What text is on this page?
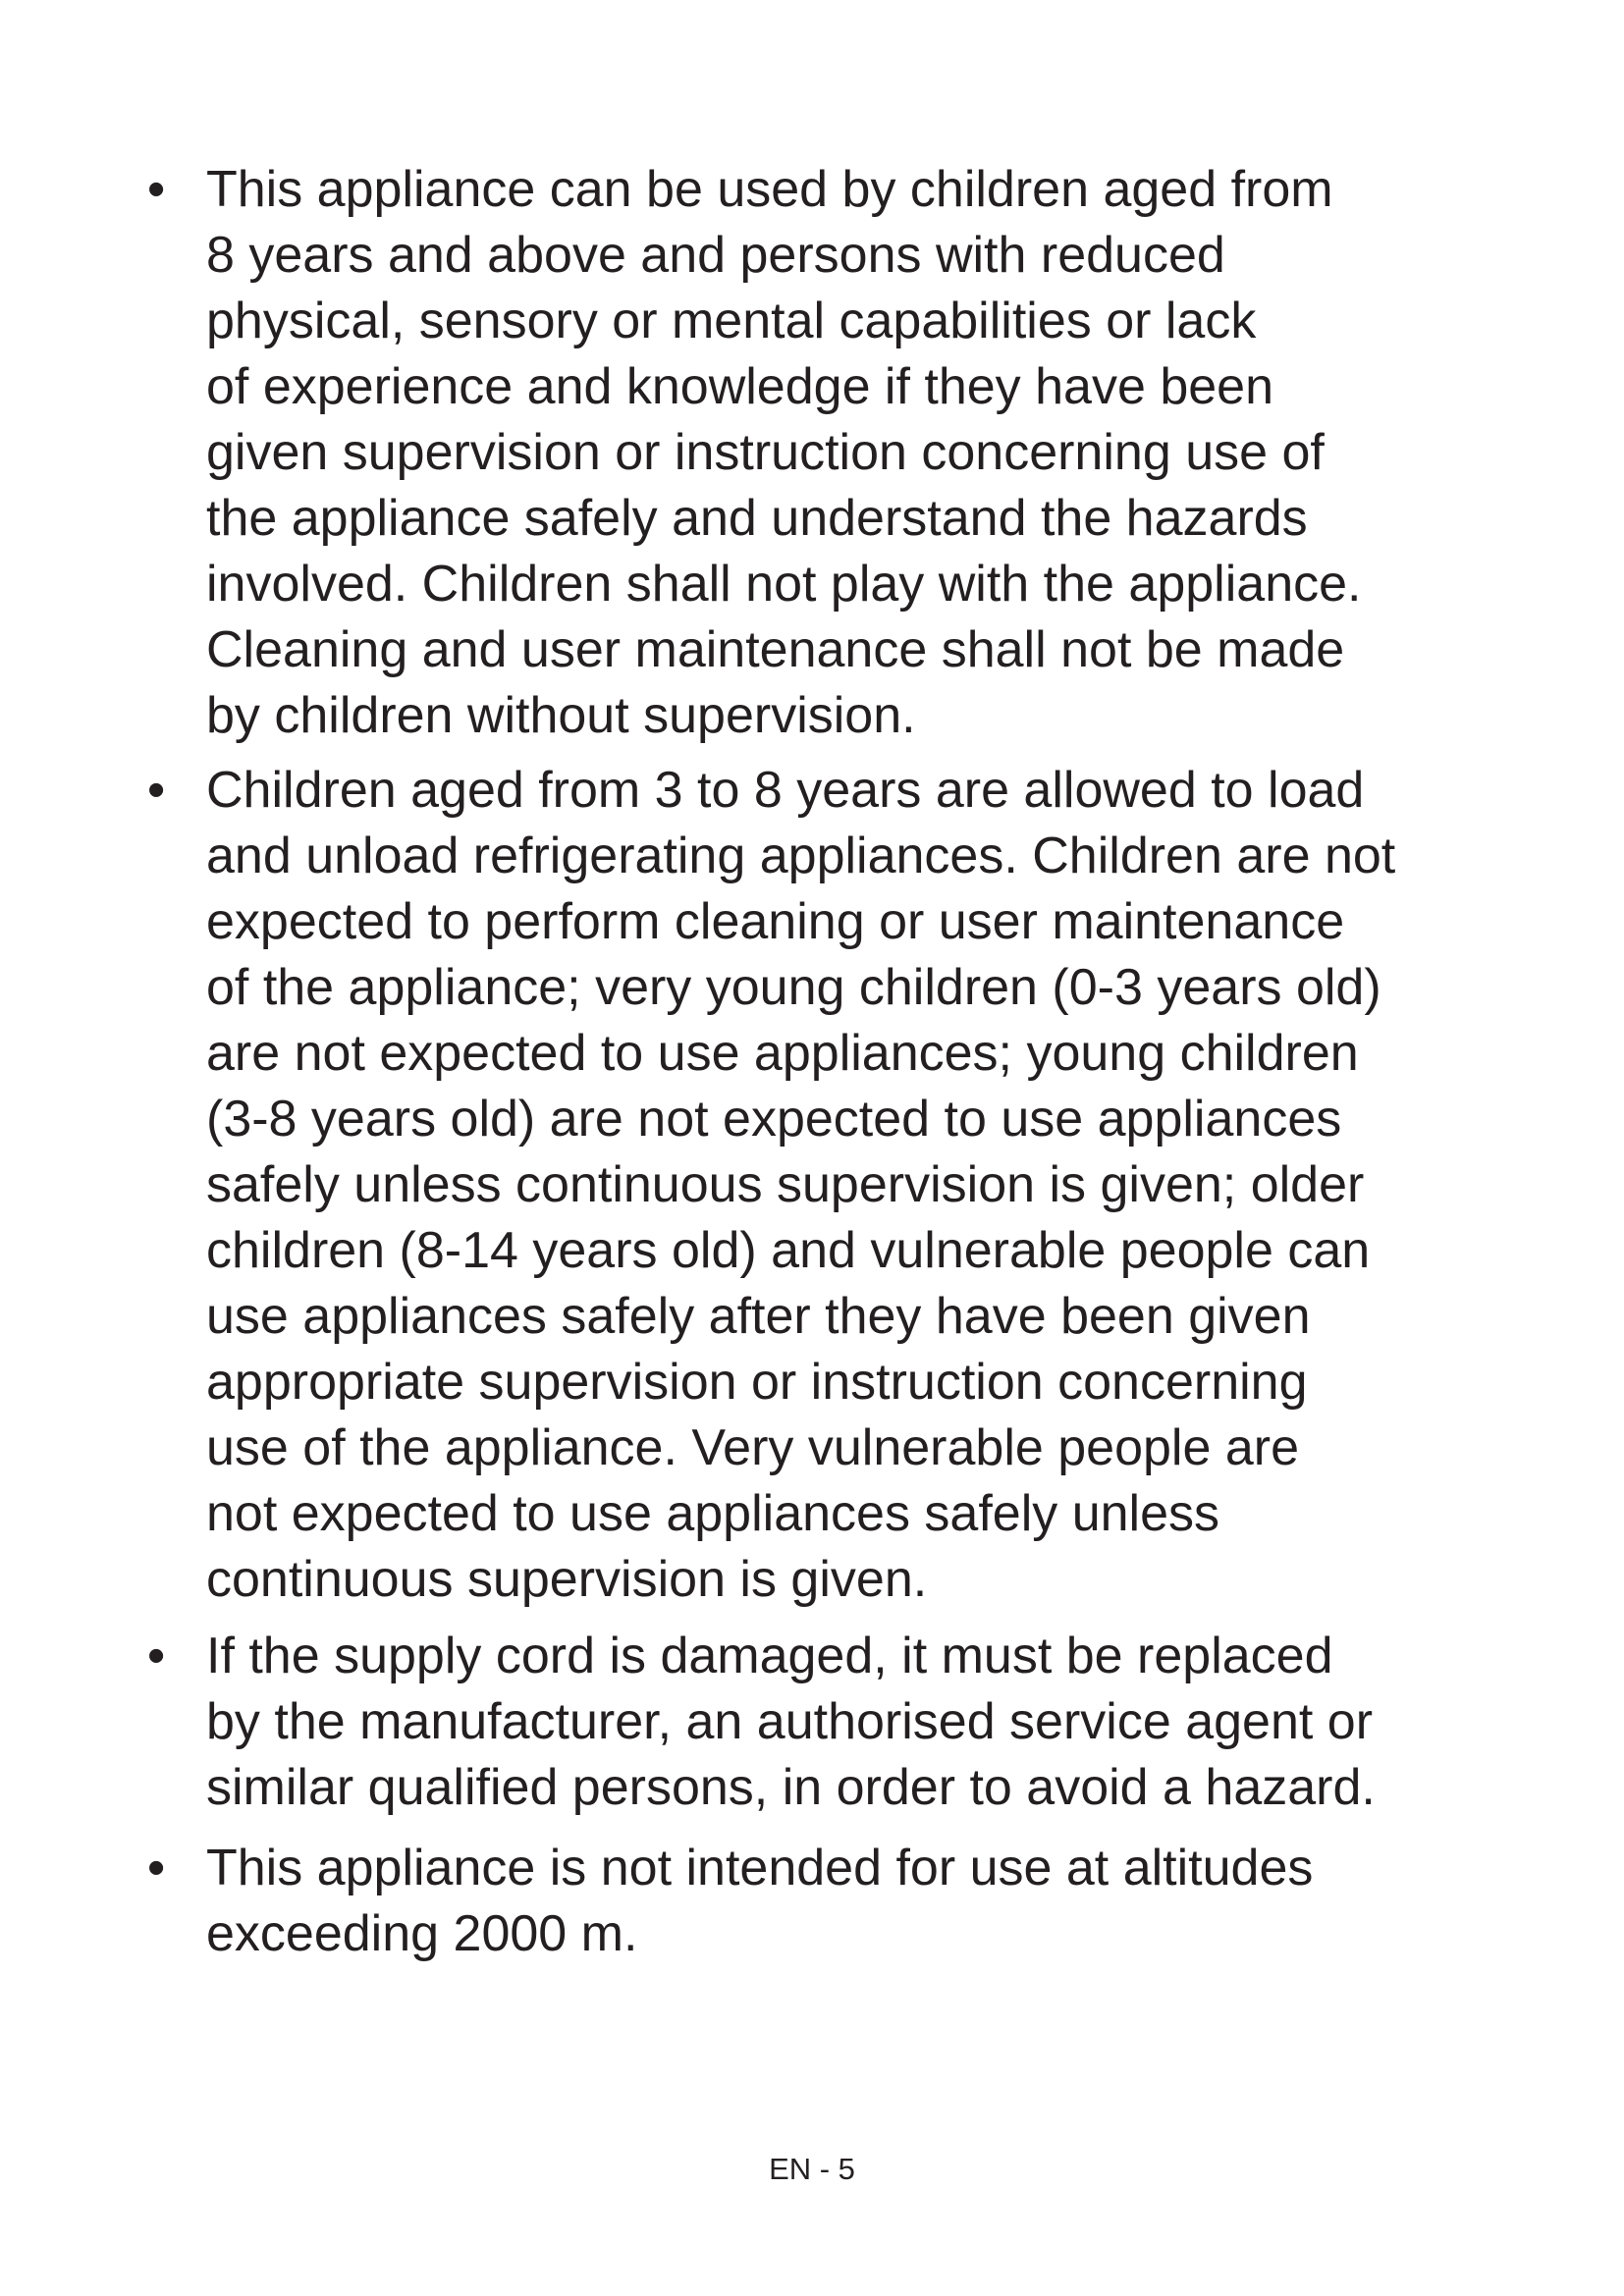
• This appliance can be used by children aged from
8 years and above and persons with reduced
physical, sensory or mental capabilities or lack
of experience and knowledge if they have been
given supervision or instruction concerning use of
the appliance safely and understand the hazards
involved. Children shall not play with the appliance.
Cleaning and user maintenance shall not be made
by children without supervision.
• Children aged from 3 to 8 years are allowed to load
and unload refrigerating appliances. Children are not
expected to perform cleaning or user maintenance
of the appliance; very young children (0-3 years old)
are not expected to use appliances; young children
(3-8 years old) are not expected to use appliances
safely unless continuous supervision is given; older
children (8-14 years old) and vulnerable people can
use appliances safely after they have been given
appropriate supervision or instruction concerning
use of the appliance. Very vulnerable people are
not expected to use appliances safely unless
continuous supervision is given.
• If the supply cord is damaged, it must be replaced
by the manufacturer, an authorised service agent or
similar qualified persons, in order to avoid a hazard.
• This appliance is not intended for use at altitudes
exceeding 2000 m.
EN - 5
